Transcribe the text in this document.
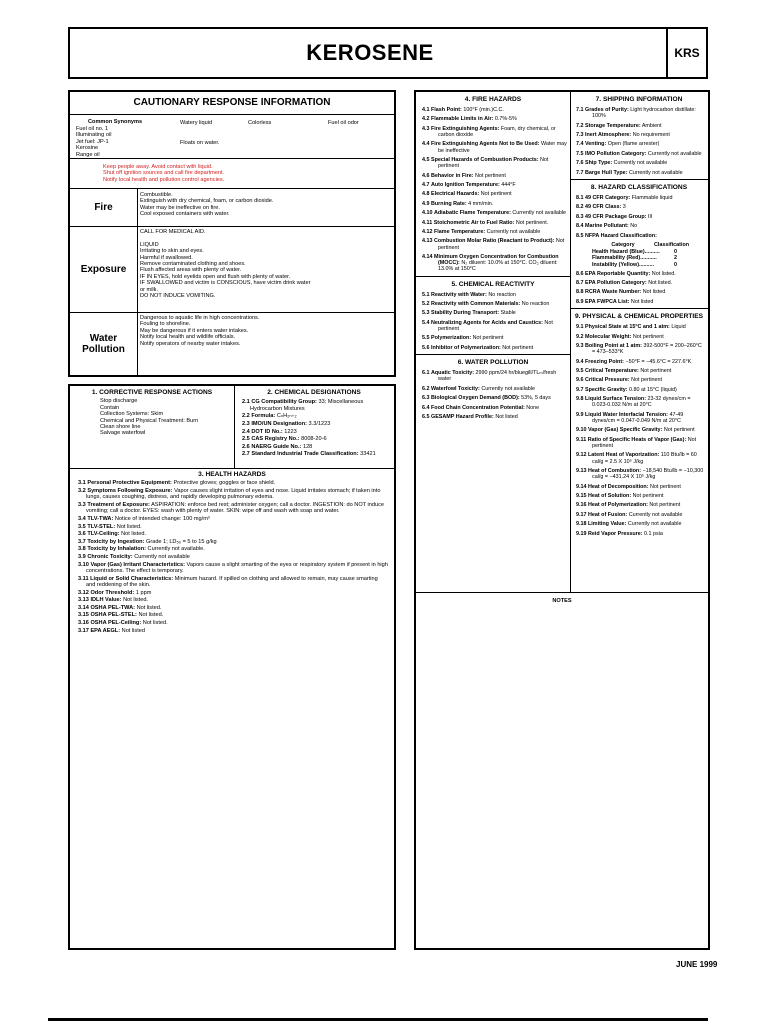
KEROSENE	KRS
CAUTIONARY RESPONSE INFORMATION
Common Synonyms
Fuel oil no. 1
Illuminating oil
Jet fuel: JP-1
Kerosine
Range oil
Watery liquid
Floats on water.
Colorless	Fuel oil odor
Keep people away. Avoid contact with liquid.
Shut off ignition sources and call fire department.
Notify local health and pollution control agencies.
Fire
Combustible.
Extinguish with dry chemical, foam, or carbon dioxide.
Water may be ineffective on fire.
Cool exposed containers with water.
Exposure
CALL FOR MEDICAL AID.
LIQUID
Irritating to skin and eyes.
Harmful if swallowed.
Remove contaminated clothing and shoes.
Flush affected areas with plenty of water.
IF IN EYES, hold eyelids open and flush with plenty of water.
IF SWALLOWED and victim is CONSCIOUS, have victim drink water
or milk.
DO NOT INDUCE VOMITING.
Water Pollution
Dangerous to aquatic life in high concentrations.
Fouling to shoreline.
May be dangerous if it enters water intakes.
Notify local health and wildlife officials.
Notify operators of nearby water intakes.
1. CORRECTIVE RESPONSE ACTIONS
Stop discharge
Contain
Collection Systems: Skim
Chemical and Physical Treatment: Burn
Clean shore line
Salvage waterfowl
2. CHEMICAL DESIGNATIONS
2.1 CG Compatibility Group: 33; Miscellaneous Hydrocarbon Mixtures
2.2 Formula: CₙH₂ₙ₊₂
2.3 IMO/UN Designation: 3.3/1223
2.4 DOT ID No.: 1223
2.5 CAS Registry No.: 8008-20-6
2.6 NAERG Guide No.: 128
2.7 Standard Industrial Trade Classification: 33421
3. HEALTH HAZARDS
3.1 Personal Protective Equipment: Protective gloves; goggles or face shield.
3.2 Symptoms Following Exposure: Vapor causes slight irritation of eyes and nose. Liquid irritates stomach; if taken into lungs, causes coughing, distress, and rapidly developing pulmonary edema.
3.3 Treatment of Exposure: ASPIRATION: enforce bed rest; administer oxygen; call a doctor. INGESTION: do NOT induce vomiting; call a doctor. EYES: wash with plenty of water. SKIN: wipe off and wash with soap and water.
3.4 TLV-TWA: Notice of intended change: 100 mg/m³
3.5 TLV-STEL: Not listed.
3.6 TLV-Ceiling: Not listed.
3.7 Toxicity by Ingestion: Grade 1; LD₅₀ = 5 to 15 g/kg
3.8 Toxicity by Inhalation: Currently not available.
3.9 Chronic Toxicity: Currently not available
3.10 Vapor (Gas) Irritant Characteristics: Vapors cause a slight smarting of the eyes or respiratory system if present in high concentrations. The effect is temporary.
3.11 Liquid or Solid Characteristics: Minimum hazard. If spilled on clothing and allowed to remain, may cause smarting and reddening of the skin.
3.12 Odor Threshold: 1 ppm
3.13 IDLH Value: Not listed.
3.14 OSHA PEL-TWA: Not listed.
3.15 OSHA PEL-STEL: Not listed.
3.16 OSHA PEL-Ceiling: Not listed.
3.17 EPA AEGL: Not listed
4. FIRE HAZARDS
4.1 Flash Point: 100°F (min.)C.C.
4.2 Flammable Limits in Air: 0.7%-5%
4.3 Fire Extinguishing Agents: Foam, dry chemical, or carbon dioxide
4.4 Fire Extinguishing Agents Not to Be Used: Water may be ineffective
4.5 Special Hazards of Combustion Products: Not pertinent
4.6 Behavior in Fire: Not pertinent
4.7 Auto Ignition Temperature: 444°F
4.8 Electrical Hazards: Not pertinent
4.9 Burning Rate: 4 mm/min.
4.10 Adiabatic Flame Temperature: Currently not available
4.11 Stoichometric Air to Fuel Ratio: Not pertinent.
4.12 Flame Temperature: Currently not available
4.13 Combustion Molar Ratio (Reactant to Product): Not pertinent
4.14 Minimum Oxygen Concentration for Combustion (MOCC): N₂ diluent: 10.0% at 150°C. CO₂ diluent: 13.0% at 150°C
5. CHEMICAL REACTIVITY
5.1 Reactivity with Water: No reaction
5.2 Reactivity with Common Materials: No reaction
5.3 Stability During Transport: Stable
5.4 Neutralizing Agents for Acids and Caustics: Not pertinent
5.5 Polymerization: Not pertinent
5.6 Inhibitor of Polymerization: Not pertinent
6. WATER POLLUTION
6.1 Aquatic Toxicity: 2990 ppm/24 hr/bluegill/TLₘ/fresh water
6.2 Waterfowl Toxicity: Currently not available
6.3 Biological Oxygen Demand (BOD): 53%, 5 days
6.4 Food Chain Concentration Potential: None
6.5 GESAMP Hazard Profile: Not listed
7. SHIPPING INFORMATION
7.1 Grades of Purity: Light hydrocarbon distillate: 100%
7.2 Storage Temperature: Ambient
7.3 Inert Atmosphere: No requirement
7.4 Venting: Open (flame arrester)
7.5 IMO Pollution Category: Currently not available
7.6 Ship Type: Currently not available
7.7 Barge Hull Type: Currently not available
8. HAZARD CLASSIFICATIONS
8.1 49 CFR Category: Flammable liquid
8.2 49 CFR Class: 3
8.3 49 CFR Package Group: III
8.4 Marine Pollutant: No
8.5 NFPA Hazard Classification:
Category	Classification
Health Hazard (Blue)..........	0
Flammability (Red)...........	2
Instability (Yellow)..........	0
8.6 EPA Reportable Quantity: Not listed.
8.7 EPA Pollution Category: Not listed.
8.8 RCRA Waste Number: Not listed
8.9 EPA FWPCA List: Not listed
9. PHYSICAL & CHEMICAL PROPERTIES
9.1 Physical State at 15°C and 1 atm: Liquid
9.2 Molecular Weight: Not pertinent
9.3 Boiling Point at 1 atm: 392-500°F = 200–260°C = 473–533°K
9.4 Freezing Point: −50°F = −45.6°C = 227.6°K
9.5 Critical Temperature: Not pertinent
9.6 Critical Pressure: Not pertinent
9.7 Specific Gravity: 0.80 at 15°C (liquid)
9.8 Liquid Surface Tension: 23-32 dynes/cm = 0.023-0.032 N/m at 20°C
9.9 Liquid Water Interfacial Tension: 47-49 dynes/cm = 0.047-0.049 N/m at 20°C
9.10 Vapor (Gas) Specific Gravity: Not pertinent
9.11 Ratio of Specific Heats of Vapor (Gas): Not pertinent
9.12 Latent Heat of Vaporization: 110 Btu/lb = 60 cal/g = 2.5 X 10⁵ J/kg
9.13 Heat of Combustion: −18,540 Btu/lb = −10,300 cal/g = −431.24 X 10⁵ J/kg
9.14 Heat of Decomposition: Not pertinent
9.15 Heat of Solution: Not pertinent
9.16 Heat of Polymerization: Not pertinent
9.17 Heat of Fusion: Currently not available
9.18 Limiting Value: Currently not available
9.19 Reid Vapor Pressure: 0.1 psia
NOTES
JUNE 1999
